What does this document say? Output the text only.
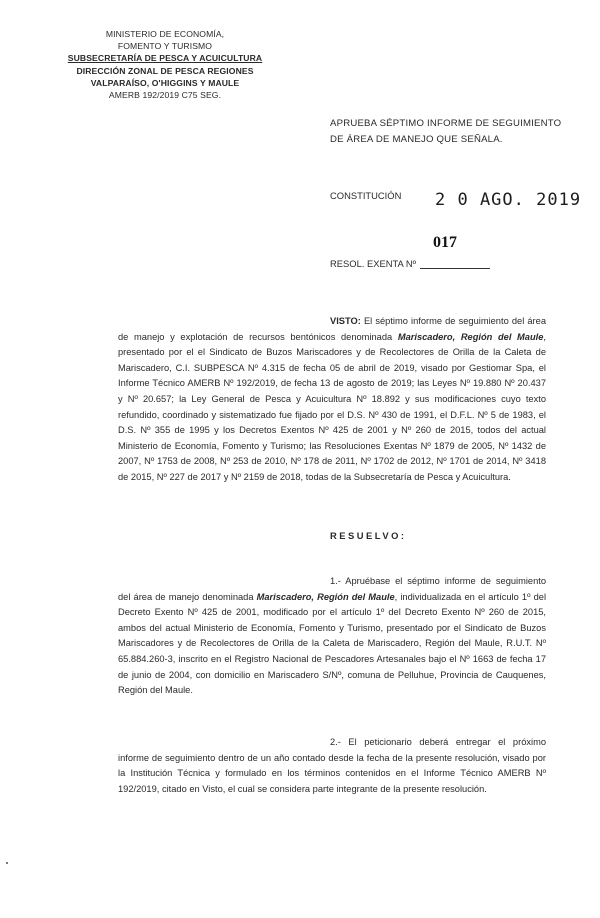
MINISTERIO DE ECONOMÍA,
FOMENTO Y TURISMO
SUBSECRETARÍA DE PESCA Y ACUICULTURA
DIRECCIÓN ZONAL DE PESCA REGIONES
VALPARAÍSO, O'HIGGINS Y MAULE
AMERB 192/2019 C75 SEG.
APRUEBA SÉPTIMO INFORME DE SEGUIMIENTO DE ÁREA DE MANEJO QUE SEÑALA.
CONSTITUCIÓN 2 0 AGO. 2019
017
RESOL. EXENTA Nº
VISTO: El séptimo informe de seguimiento del área de manejo y explotación de recursos bentónicos denominada Mariscadero, Región del Maule, presentado por el el Sindicato de Buzos Mariscadores y de Recolectores de Orilla de la Caleta de Mariscadero, C.I. SUBPESCA Nº 4.315 de fecha 05 de abril de 2019, visado por Gestiomar Spa, el Informe Técnico AMERB Nº 192/2019, de fecha 13 de agosto de 2019; las Leyes Nº 19.880 Nº 20.437 y Nº 20.657; la Ley General de Pesca y Acuicultura Nº 18.892 y sus modificaciones cuyo texto refundido, coordinado y sistematizado fue fijado por el D.S. Nº 430 de 1991, el D.F.L. Nº 5 de 1983, el D.S. Nº 355 de 1995 y los Decretos Exentos Nº 425 de 2001 y Nº 260 de 2015, todos del actual Ministerio de Economía, Fomento y Turismo; las Resoluciones Exentas Nº 1879 de 2005, Nº 1432 de 2007, Nº 1753 de 2008, Nº 253 de 2010, Nº 178 de 2011, Nº 1702 de 2012, Nº 1701 de 2014, Nº 3418 de 2015, Nº 227 de 2017 y Nº 2159 de 2018, todas de la Subsecretaría de Pesca y Acuicultura.
RESUELVO:
1.- Apruébase el séptimo informe de seguimiento del área de manejo denominada Mariscadero, Región del Maule, individualizada en el artículo 1º del Decreto Exento Nº 425 de 2001, modificado por el artículo 1º del Decreto Exento Nº 260 de 2015, ambos del actual Ministerio de Economía, Fomento y Turismo, presentado por el Sindicato de Buzos Mariscadores y de Recolectores de Orilla de la Caleta de Mariscadero, Región del Maule, R.U.T. Nº 65.884.260-3, inscrito en el Registro Nacional de Pescadores Artesanales bajo el Nº 1663 de fecha 17 de junio de 2004, con domicilio en Mariscadero S/Nº, comuna de Pelluhue, Provincia de Cauquenes, Región del Maule.
2.- El peticionario deberá entregar el próximo informe de seguimiento dentro de un año contado desde la fecha de la presente resolución, visado por la Institución Técnica y formulado en los términos contenidos en el Informe Técnico AMERB Nº 192/2019, citado en Visto, el cual se considera parte integrante de la presente resolución.
